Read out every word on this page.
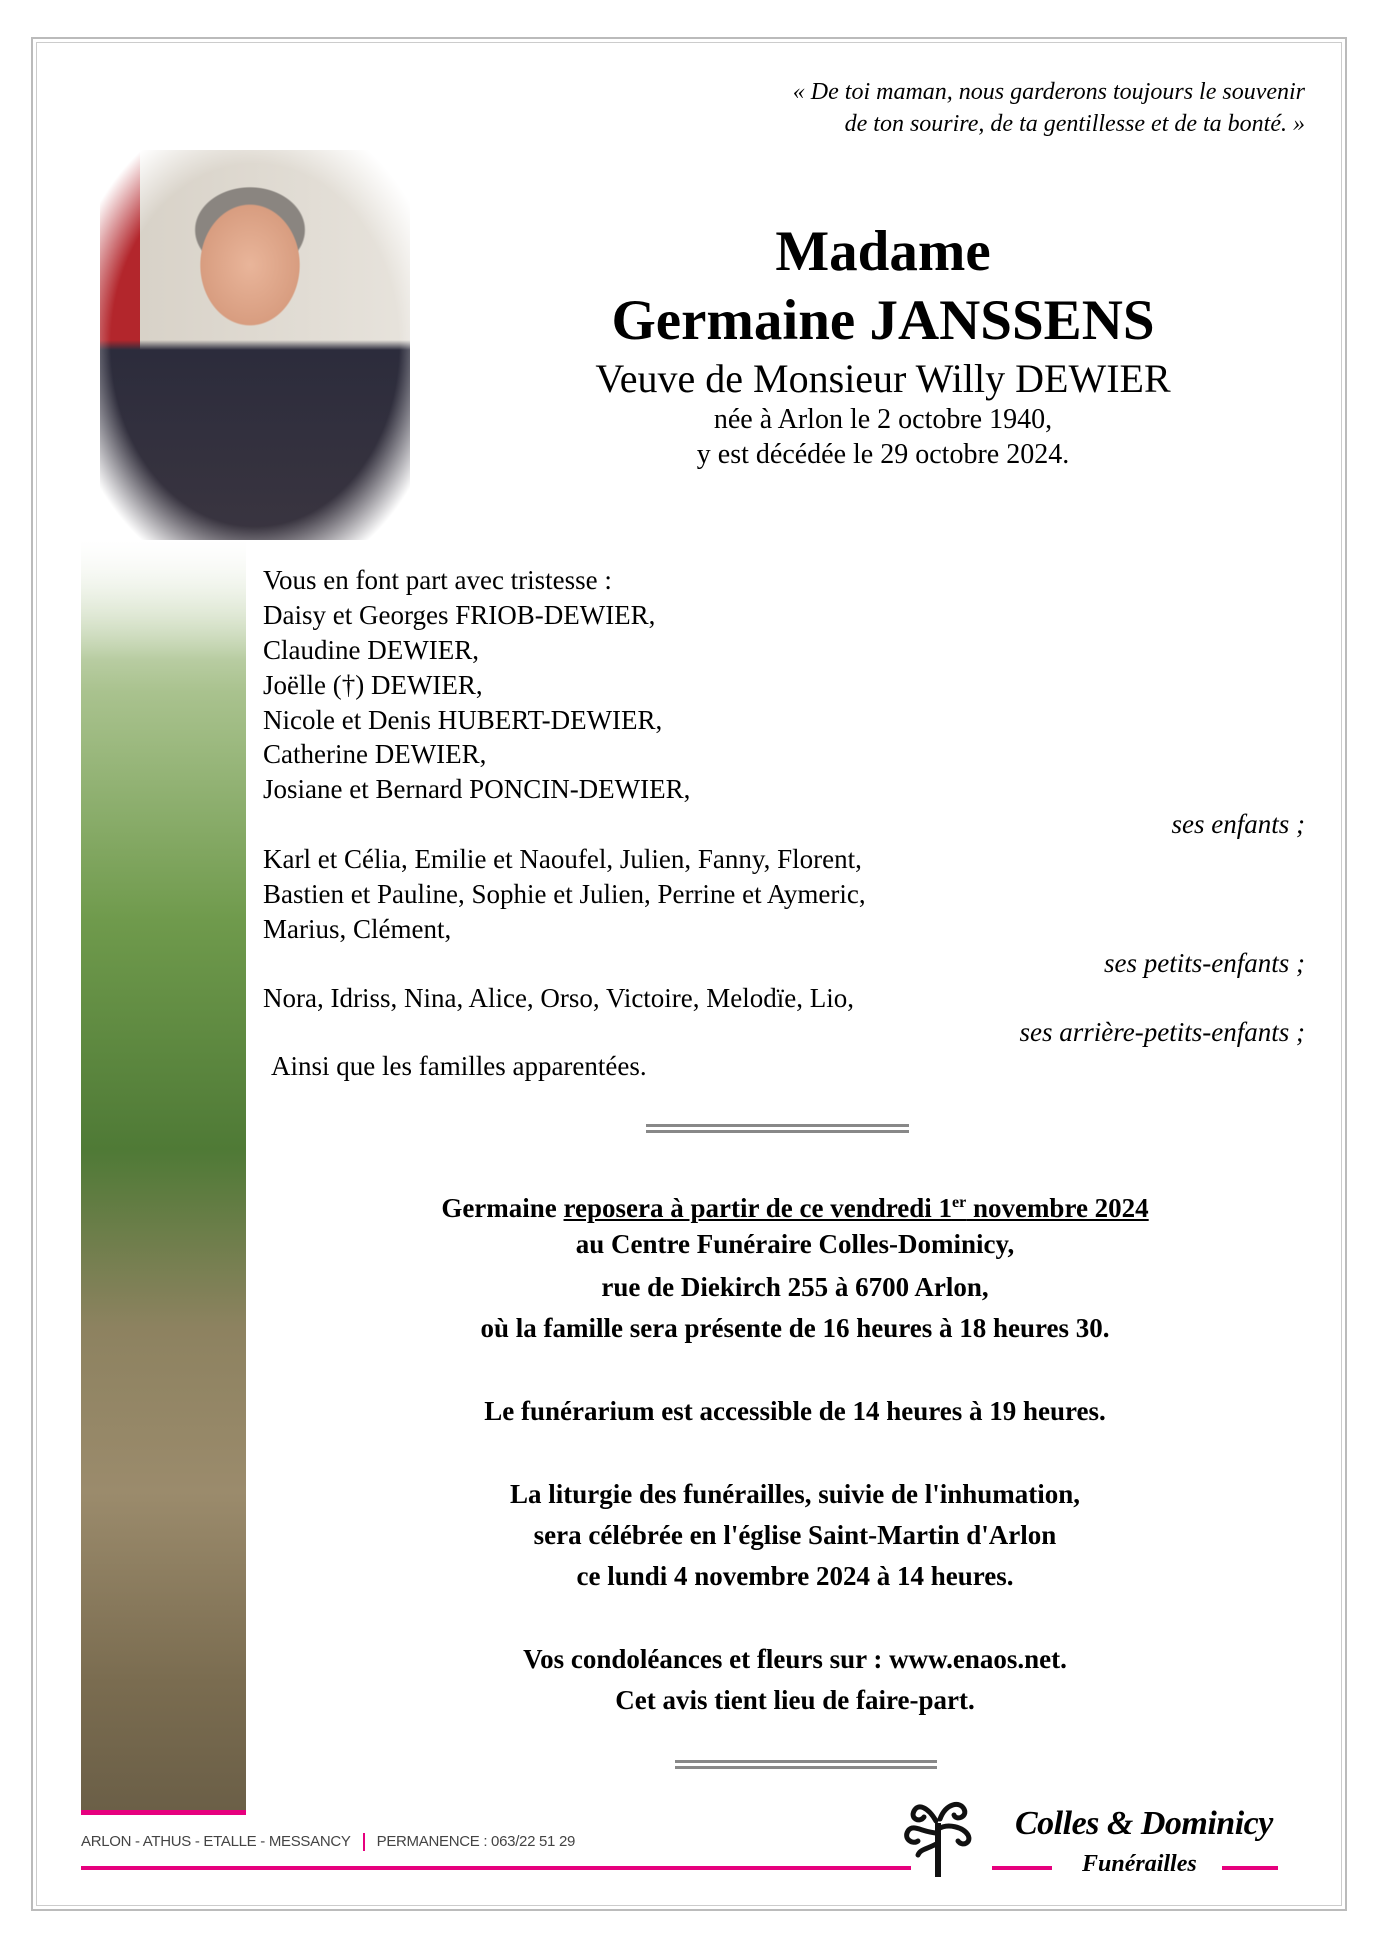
« De toi maman, nous garderons toujours le souvenir
de ton sourire, de ta gentillesse et de ta bonté. »
Madame
Germaine JANSSENS
Veuve de Monsieur Willy DEWIER
née à Arlon le 2 octobre 1940,
y est décédée le 29 octobre 2024.
Vous en font part avec tristesse :
Daisy et Georges FRIOB-DEWIER,
Claudine DEWIER,
Joëlle (†) DEWIER,
Nicole et Denis HUBERT-DEWIER,
Catherine DEWIER,
Josiane et Bernard PONCIN-DEWIER,
ses enfants ;
Karl et Célia, Emilie et Naoufel, Julien, Fanny, Florent,
Bastien et Pauline, Sophie et Julien, Perrine et Aymeric,
Marius, Clément,
ses petits-enfants ;
Nora, Idriss, Nina, Alice, Orso, Victoire, Melodïe, Lio,
ses arrière-petits-enfants ;
Ainsi que les familles apparentées.
Germaine reposera à partir de ce vendredi 1er novembre 2024
au Centre Funéraire Colles-Dominicy,
rue de Diekirch 255 à 6700 Arlon,
où la famille sera présente de 16 heures à 18 heures 30.
Le funérarium est accessible de 14 heures à 19 heures.
La liturgie des funérailles, suivie de l'inhumation,
sera célébrée en l'église Saint-Martin d'Arlon
ce lundi 4 novembre 2024 à 14 heures.
Vos condoléances et fleurs sur : www.enaos.net.
Cet avis tient lieu de faire-part.
ARLON - ATHUS - ETALLE - MESSANCY PERMANENCE : 063/22 51 29	Colles & Dominicy
Funérailles
